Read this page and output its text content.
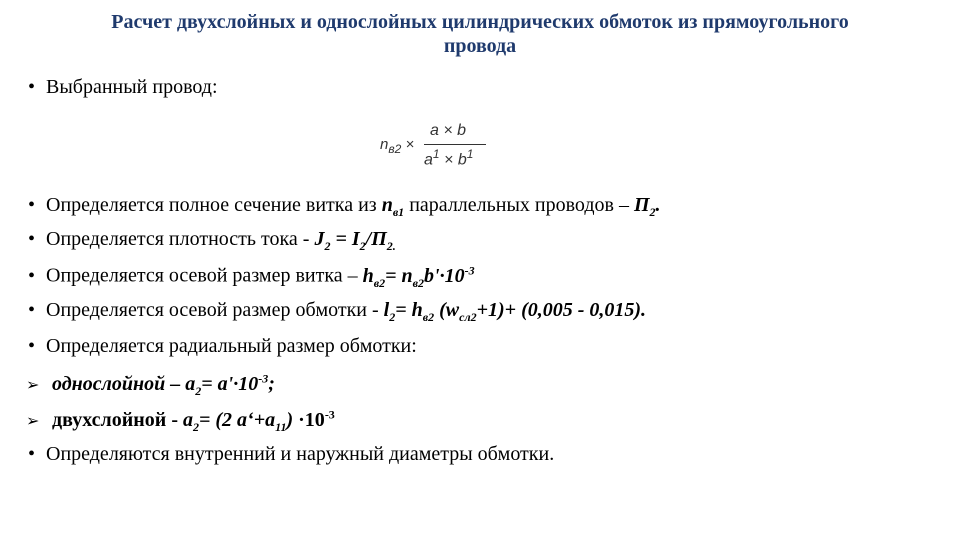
Расчет двухслойных и однослойных цилиндрических обмоток из прямоугольного
провода
• Выбранный провод:
$n_{в2}$ ×
a × b
$a^1 \times b^1$
• Определяется полное сечение витка из $n_{в1}$ параллельных проводов – $П_2$.
• Определяется плотность тока - $J_2 = I_2/П_{2.}$
• Определяется осевой размер витка – $h_{в2}= n_{в2}b'\cdot 10^{-3}$
• Определяется осевой размер обмотки - $l_2= h_{в2}$ $(w_{сл2}+1)+ (0,005 - 0,015)$.
• Определяется радиальный размер обмотки:
➢ однослойной – $a_2= a'\cdot 10^{-3}$;
➢ двухслойной - $a_2= (2$ $a‘+a_{11}) \cdot 10^{-3}$
• Определяются внутренний и наружный диаметры обмотки.
